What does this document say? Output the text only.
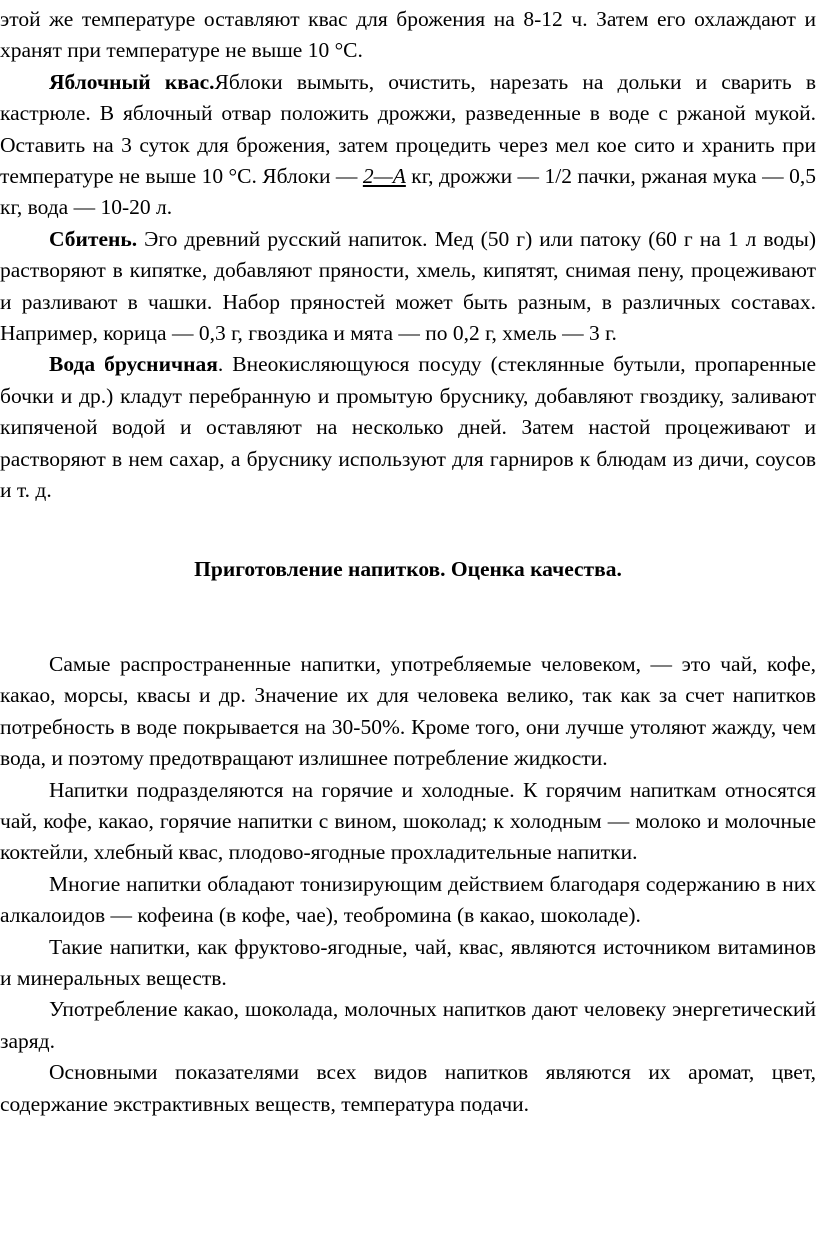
этой же температуре оставляют квас для брожения на 8-12 ч. Затем его охлаждают и хранят при температуре не выше 10 °С.

Яблочный квас.Яблоки вымыть, очистить, нарезать на дольки и сварить в кастрюле. В яблочный отвар положить дрожжи, разведенные в воде с ржаной мукой. Оставить на 3 суток для брожения, затем процедить через мел кое сито и хранить при температуре не выше 10 °С. Яблоки — 2—А кг, дрожжи — 1/2 пачки, ржаная мука — 0,5 кг, вода — 10-20 л.

Сбитень. Эго древний русский напиток. Мед (50 г) или патоку (60 г на 1 л воды) растворяют в кипятке, добавляют пряности, хмель, кипятят, снимая пену, процеживают и разливают в чашки. Набор пряностей может быть разным, в различных составах. Например, корица — 0,3 г, гвоздика и мята — по 0,2 г, хмель — 3 г.

Вода брусничная. Внеокисляющуюся посуду (стеклянные бутыли, пропаренные бочки и др.) кладут перебранную и промытую бруснику, добавляют гвоздику, заливают кипяченой водой и оставляют на несколько дней. Затем настой процеживают и растворяют в нем сахар, а бруснику используют для гарниров к блюдам из дичи, соусов и т. д.

Приготовление напитков. Оценка качества.

Самые распространенные напитки, употребляемые человеком, — это чай, кофе, какао, морсы, квасы и др. Значение их для человека велико, так как за счет напитков потребность в воде покрывается на 30-50%. Кроме того, они лучше утоляют жажду, чем вода, и поэтому предотвращают излишнее потребление жидкости.

Напитки подразделяются на горячие и холодные. К горячим напиткам относятся чай, кофе, какао, горячие напитки с вином, шоколад; к холодным — молоко и молочные коктейли, хлебный квас, плодово-ягодные прохладительные напитки.

Многие напитки обладают тонизирующим действием благодаря содержанию в них алкалоидов — кофеина (в кофе, чае), теобромина (в какао, шоколаде).

Такие напитки, как фруктово-ягодные, чай, квас, являются источником витаминов и минеральных веществ.

Употребление какао, шоколада, молочных напитков дают человеку энергетический заряд.

Основными показателями всех видов напитков являются их аромат, цвет, содержание экстрактивных веществ, температура подачи.
